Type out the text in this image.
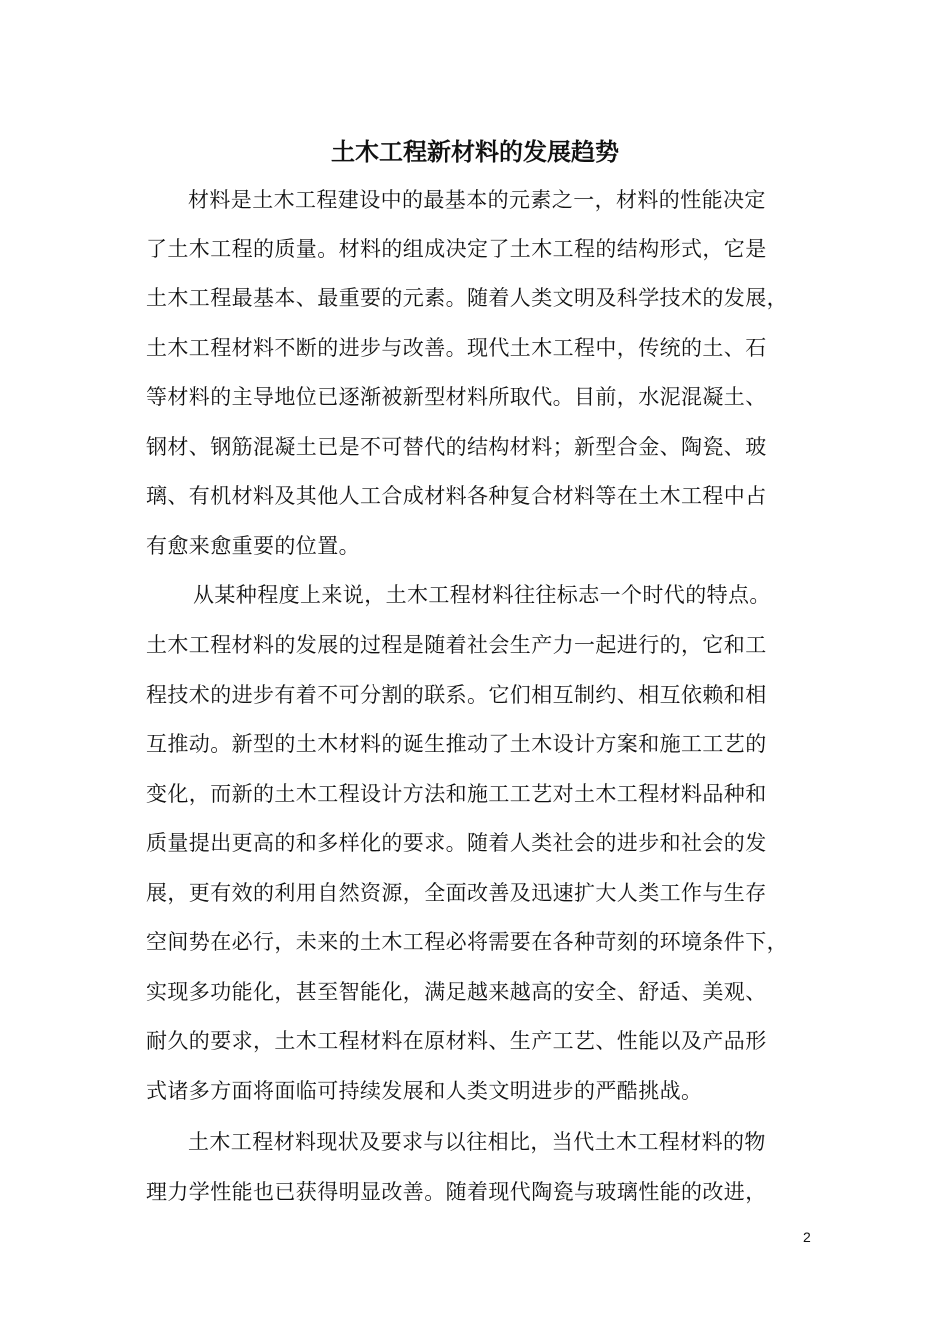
土木工程新材料的发展趋势
材料是土木工程建设中的最基本的元素之一，材料的性能决定
了土木工程的质量。材料的组成决定了土木工程的结构形式，它是
土木工程最基本、最重要的元素。随着人类文明及科学技术的发展，
土木工程材料不断的进步与改善。现代土木工程中，传统的土、石
等材料的主导地位已逐渐被新型材料所取代。目前，水泥混凝土、
钢材、钢筋混凝土已是不可替代的结构材料；新型合金、陶瓷、玻
璃、有机材料及其他人工合成材料各种复合材料等在土木工程中占
有愈来愈重要的位置。
从某种程度上来说，土木工程材料往往标志一个时代的特点。
土木工程材料的发展的过程是随着社会生产力一起进行的，它和工
程技术的进步有着不可分割的联系。它们相互制约、相互依赖和相
互推动。新型的土木材料的诞生推动了土木设计方案和施工工艺的
变化，而新的土木工程设计方法和施工工艺对土木工程材料品种和
质量提出更高的和多样化的要求。随着人类社会的进步和社会的发
展，更有效的利用自然资源，全面改善及迅速扩大人类工作与生存
空间势在必行，未来的土木工程必将需要在各种苛刻的环境条件下，
实现多功能化，甚至智能化，满足越来越高的安全、舒适、美观、
耐久的要求，土木工程材料在原材料、生产工艺、性能以及产品形
式诸多方面将面临可持续发展和人类文明进步的严酷挑战。
土木工程材料现状及要求与以往相比，当代土木工程材料的物
理力学性能也已获得明显改善。随着现代陶瓷与玻璃性能的改进，
2
